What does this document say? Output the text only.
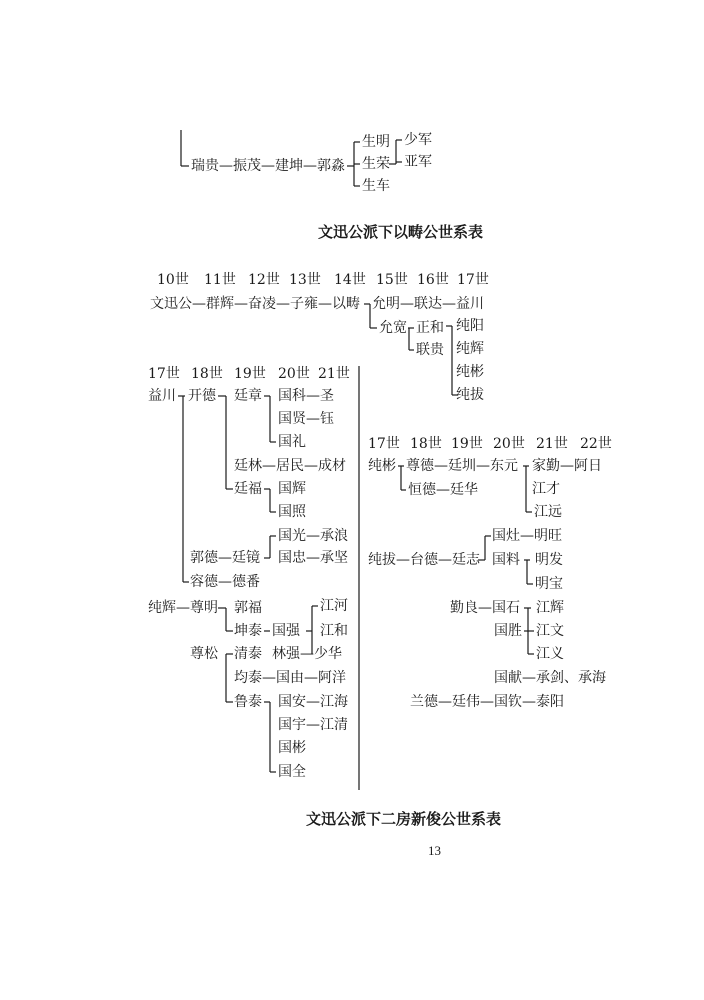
瑞贵—振茂—建坤—郭淼
生明
生荣
生车
少军
亚军
文迅公派下以畴公世系表
10世 11世 12世 13世 14世 15世 16世 17世
文迅公—群辉—奋凌—子雍—以畴 允明—联达—益川
允宽 正和
联贵
纯阳
纯辉
纯彬
纯拔
17世 18世 19世 20世 21世
益川 开德 廷章 国科—圣
国贤—钰
国礼
廷林—居民—成材
廷福 国辉
国照
国光—承浪
郭德—廷镜 国忠—承坚
容德—德番
纯辉—尊明 郭福	江河
坤泰 国强 江和
尊松 清泰 林强—少华
均泰—国由—阿洋
鲁泰 国安—江海
国宇—江清
国彬
国全
17世 18世 19世 20世 21世 22世
纯彬 尊德—廷圳—东元 家勤—阿日
江才
江远
恒德—廷华
国灶—明旺
纯拔—台德—廷志 国料 明发
明宝
勤良—国石 江辉
国胜 江文
江义
国献—承剑、承海
兰德—廷伟—国钦—泰阳
文迅公派下二房新俊公世系表
13
